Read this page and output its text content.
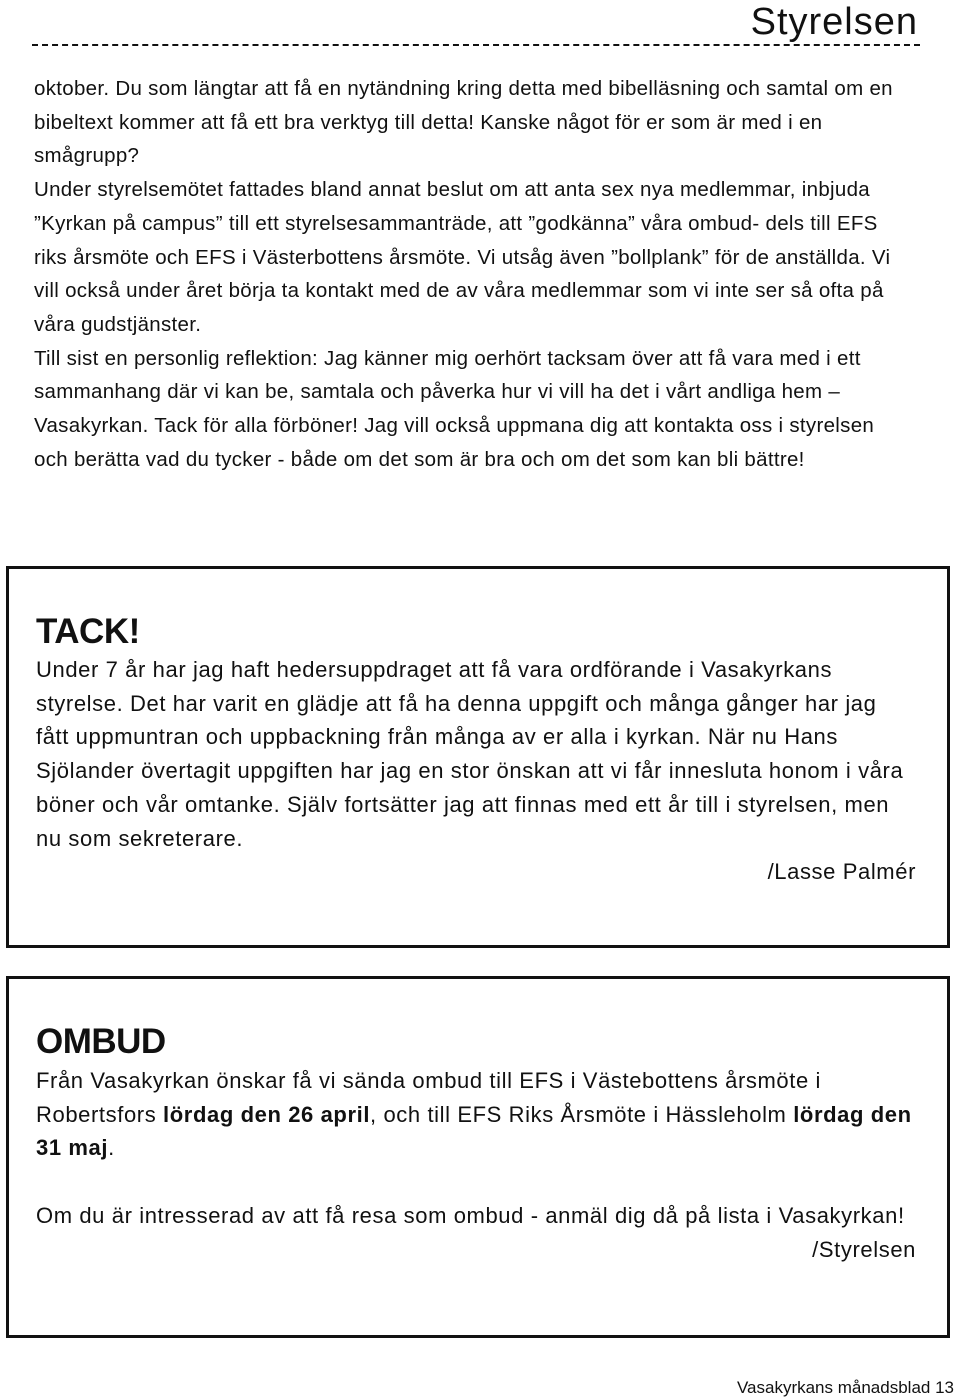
Styrelsen

oktober. Du som längtar att få en nytändning kring detta med bibelläsning och samtal om en bibeltext kommer att få ett bra verktyg till detta! Kanske något för er som är med i en smågrupp?

Under styrelsemötet fattades bland annat beslut om att anta sex nya medlemmar, inbjuda ”Kyrkan på campus” till ett styrelsesammanträde, att ”godkänna” våra ombud- dels till EFS riks årsmöte och EFS i Västerbottens årsmöte. Vi utsåg även ”bollplank” för de anställda. Vi vill också under året börja ta kontakt med de av våra medlemmar som vi inte ser så ofta på våra gudstjänster.

Till sist en personlig reflektion: Jag känner mig oerhört tacksam över att få vara med i ett sammanhang där vi kan be, samtala och påverka hur vi vill ha det i vårt andliga hem – Vasakyrkan. Tack för alla förböner! Jag vill också uppmana dig att kontakta oss i styrelsen och berätta vad du tycker - både om det som är bra och om det som kan bli bättre!

TACK!

Under 7 år har jag haft hedersuppdraget att få vara ordförande i Vasakyrkans styrelse. Det har varit en glädje att få ha denna uppgift och många gånger har jag fått uppmuntran och uppbackning från många av er alla i kyrkan. När nu Hans Sjölander övertagit uppgiften har jag en stor önskan att vi får innesluta honom i våra böner och vår omtanke. Själv fortsätter jag att finnas med ett år till i styrelsen, men nu som sekreterare.

/Lasse Palmér

OMBUD

Från Vasakyrkan önskar få vi sända ombud till EFS i Västebottens årsmöte i Robertsfors lördag den 26 april, och till EFS Riks Årsmöte i Hässleholm lördag den 31 maj.

Om du är intresserad av att få resa som ombud - anmäl dig då på lista i Vasakyrkan!

/Styrelsen

Vasakyrkans månadsblad 13
